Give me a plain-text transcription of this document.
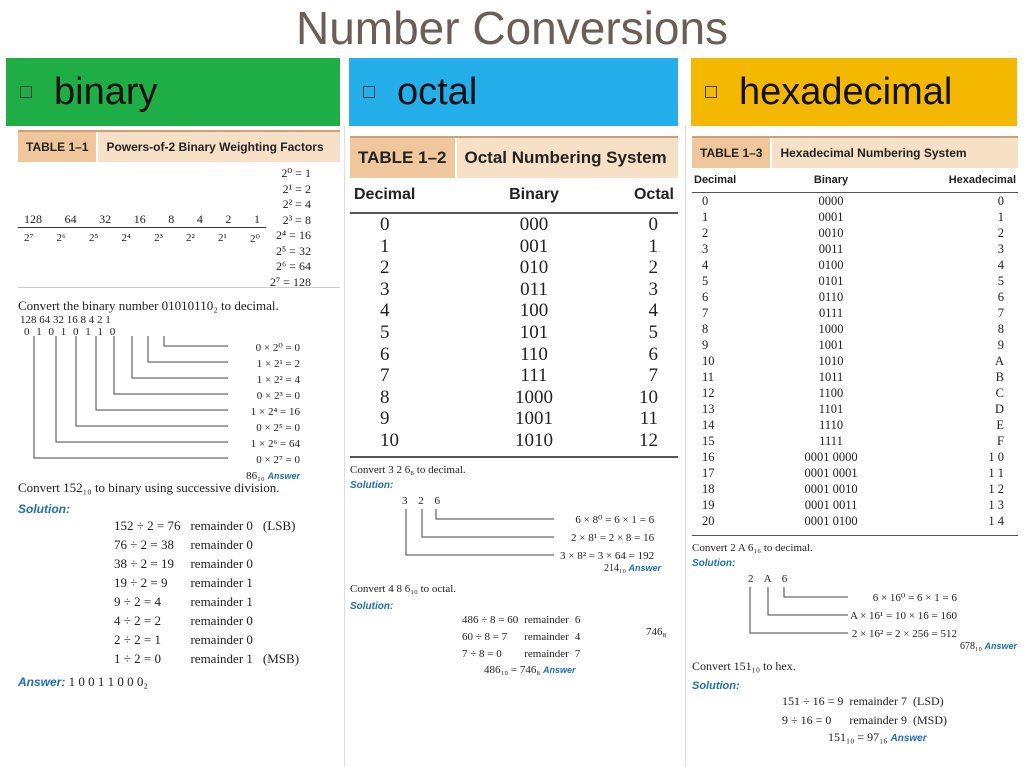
Number Conversions
binary	octal	hexadecimal
TABLE 1–1	Powers-of-2 Binary Weighting Factors
128 64 32 16 8 4 2 1
2⁷ 2⁶ 2⁵ 2⁴ 2³ 2² 2¹ 2⁰
2⁰ = 1
2¹ = 2
2² = 4
2³ = 8
2⁴ = 16
2⁵ = 32
2⁶ = 64
2⁷ = 128
Convert the binary number 01010110₂ to decimal.
128 64 32 16 8 4 2 1
0 1 0 1 0 1 1 0
0 × 2⁰ = 0
1 × 2¹ = 2
1 × 2² = 4
0 × 2³ = 0
1 × 2⁴ = 16
0 × 2⁵ = 0
1 × 2⁶ = 64
0 × 2⁷ = 0
86₁₀ Answer
Convert 152₁₀ to binary using successive division.
Solution:
152 ÷ 2 = 76	remainder 0	(LSB)
76 ÷ 2 = 38	remainder 0	
38 ÷ 2 = 19	remainder 0	
19 ÷ 2 = 9	remainder 1	
9 ÷ 2 = 4	remainder 1	
4 ÷ 2 = 2	remainder 0	
2 ÷ 2 = 1	remainder 0	
1 ÷ 2 = 0	remainder 1	(MSB)
Answer: 1 0 0 1 1 0 0 0₂
TABLE 1–2	Octal Numbering System
Decimal	Binary	Octal
0	000	0
1	001	1
2	010	2
3	011	3
4	100	4
5	101	5
6	110	6
7	111	7
8	1000	10
9	1001	11
10	1010	12
Convert 3 2 6₈ to decimal.
Solution:
3 2 6
6 × 8⁰ = 6 × 1 = 6
2 × 8¹ = 2 × 8 = 16
3 × 8² = 3 × 64 = 192
214₁₀ Answer
Convert 4 8 6₁₀ to octal.
Solution:
486 ÷ 8 = 60	remainder	6
60 ÷ 8 = 7	remainder	4
7 ÷ 8 = 0	remainder	7
746₈
486₁₀ = 746₈ Answer
TABLE 1–3	Hexadecimal Numbering System
Decimal	Binary	Hexadecimal
0	0000	0
1	0001	1
2	0010	2
3	0011	3
4	0100	4
5	0101	5
6	0110	6
7	0111	7
8	1000	8
9	1001	9
10	1010	A
11	1011	B
12	1100	C
13	1101	D
14	1110	E
15	1111	F
16	0001 0000	1 0
17	0001 0001	1 1
18	0001 0010	1 2
19	0001 0011	1 3
20	0001 0100	1 4
Convert 2 A 6₁₆ to decimal.
Solution:
2 A 6
6 × 16⁰ = 6 × 1 = 6
A × 16¹ = 10 × 16 = 160
2 × 16² = 2 × 256 = 512
678₁₀ Answer
Convert 151₁₀ to hex.
Solution:
151 ÷ 16 = 9	remainder 7	(LSD)
9 ÷ 16 = 0	remainder 9	(MSD)
151₁₀ = 97₁₆ Answer
